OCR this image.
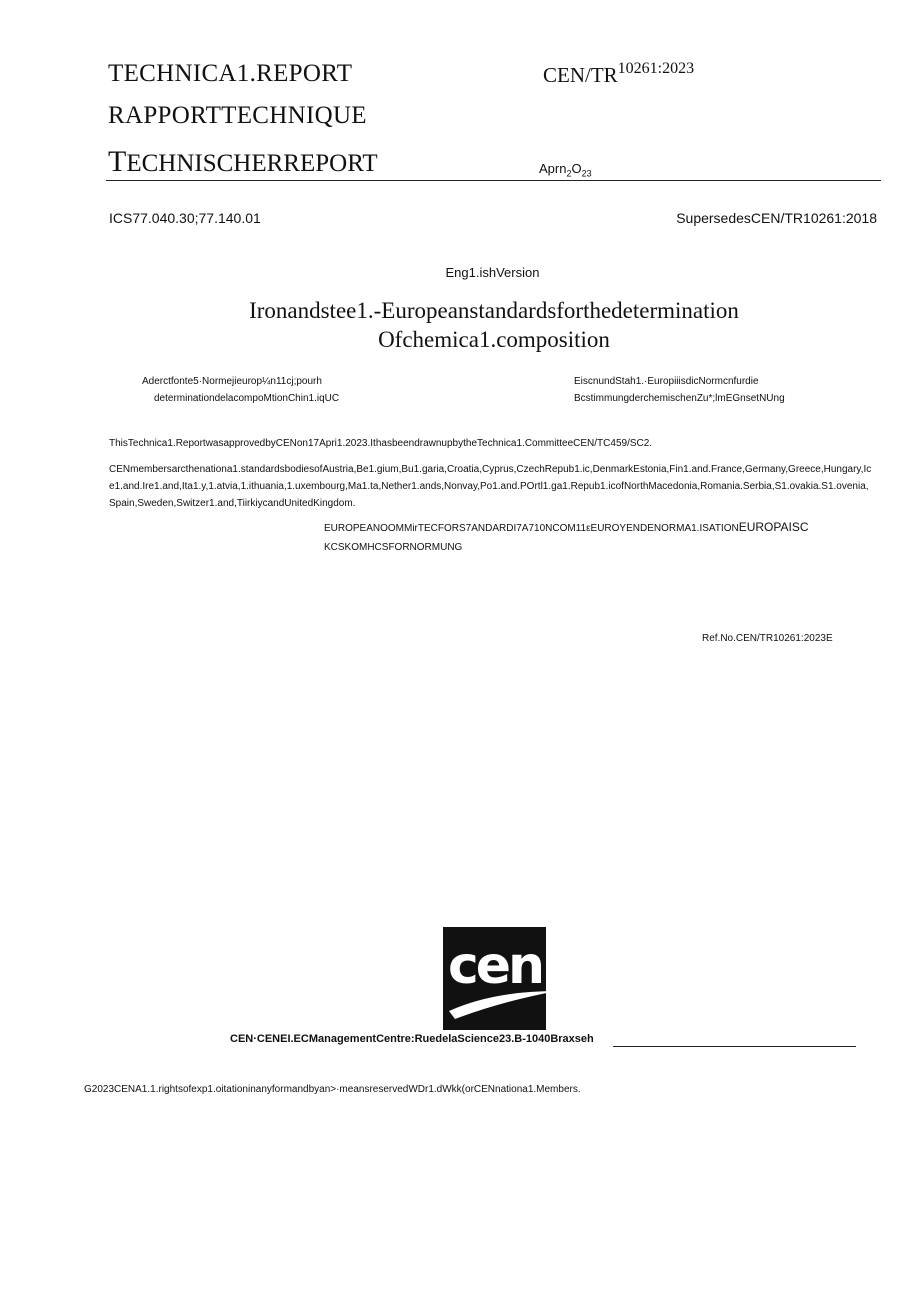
TECHNICA1.REPORT
RAPPORTTECHNIQUE
TECHNISCHERREPORT
CEN/$TR^{10261:2023}$
$Aprn_2O_{23}$
ICS77.040.30;77.140.01	SupersedesCEN/TR10261:2018
Eng1.ishVersion
Ironandstee1.-Europeanstandardsforthedetermination
Ofchemica1.composition
Aderctfonte5·Normejieurop¼n11cj;pourh
determinationdelacompoMtionChin1.iqUC
EiscnundStah1.·EuropiiisdicNormcnfurdie
BcstimmungderchemischenZu*;lmEGnsetNUng
ThisTechnica1.ReportwasapprovedbyCENon17Apri1.2023.IthasbeendrawnupbytheTechnica1.CommitteeCEN/TC459/SC2.
CENmembersarcthenationa1.standardsbodiesofAustria,Be1.gium,Bu1.garia,Croatia,Cyprus,CzechRepub1.ic,DenmarkEstonia,Fin1.and.France,Germany,Greece,Hungary,Ice1.and.Ire1.and,Ita1.y,1.atvia,1.ithuania,1.uxembourg,Ma1.ta,Nether1.ands,Nonvay,Po1.and.POrtl1.ga1.Repub1.icofNorthMacedonia,Romania.Serbia,S1.ovakia.S1.ovenia,Spain,Sweden,Switzer1.and,TiirkiycandUnitedKingdom.
EUROPEANOOMMirTECFORS7ANDARDI7A710NCOM11εEUROYENDENORMA1.ISATIONEUROPAISC
KCSKOMHCSFORNORMUNG
Ref.No.CEN/TR10261:2023E
cen
CEN·CENEI.ECManagementCentre:RuedelaScience23.B-1040Braxseh
G2023CENA1.1.rightsofexp1.oitationinanyformandbyan>·meansreservedWDr1.dWkk(orCENnationa1.Members.
